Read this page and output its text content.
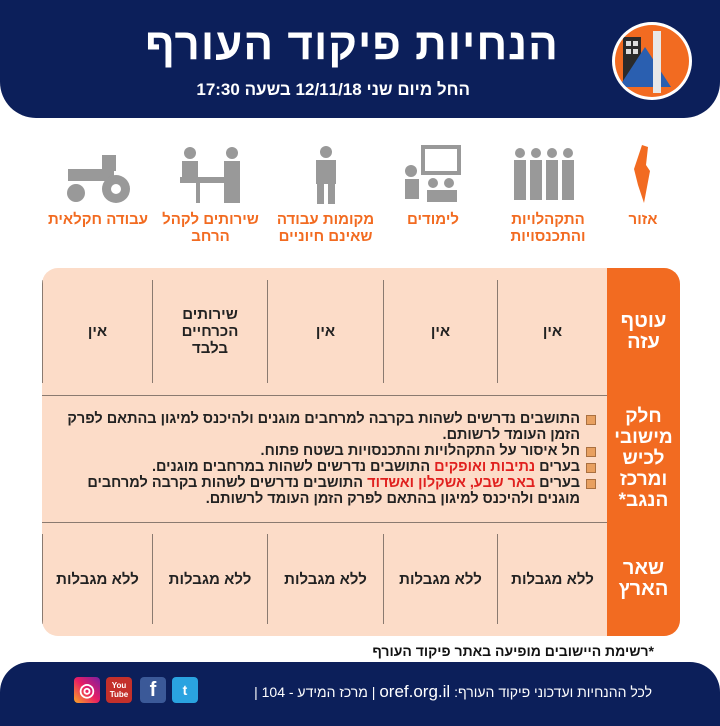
הנחיות פיקוד העורף
החל מיום שני 12/11/18 בשעה 17:30
אזור
התקהלויות והתכנסויות
לימודים
מקומות עבודה שאינם חיוניים
שירותים לקהל הרחב
עבודה חקלאית
עוטף עזה
חלק מישובי לכיש ומרכז הנגב*
שאר הארץ
אין
אין
אין
שירותים הכרחיים בלבד
אין
התושבים נדרשים לשהות בקרבה למרחבים מוגנים ולהיכנס למיגון בהתאם לפרק הזמן העומד לרשותם.
חל איסור על התקהלויות והתכנסויות בשטח פתוח.
בערים נתיבות ואופקים התושבים נדרשים לשהות במרחבים מוגנים.
בערים באר שבע, אשקלון ואשדוד התושבים נדרשים לשהות בקרבה למרחבים מוגנים ולהיכנס למיגון בהתאם לפרק הזמן העומד לרשותם.
ללא מגבלות
ללא מגבלות
ללא מגבלות
ללא מגבלות
ללא מגבלות
*רשימת היישובים מופיעה באתר פיקוד העורף
לכל ההנחיות ועדכוני פיקוד העורף: oref.org.il | מרכז המידע - 104 |
t
f
You Tube
◎
